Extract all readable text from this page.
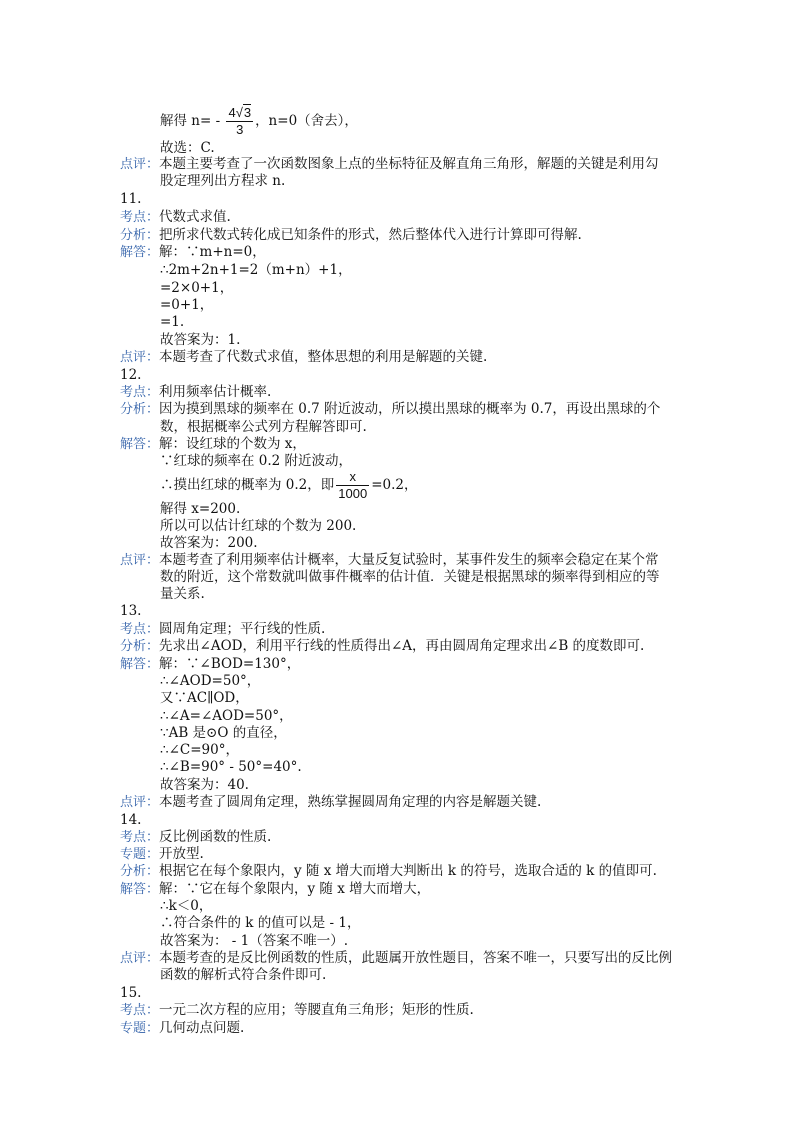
解得 $n= - \frac{4√3}{3}$ ，n=0（舍去），
故选：C.
点评：本题主要考查了一次函数图象上点的坐标特征及解直角三角形，解题的关键是利用勾
股定理列出方程求 n.
11.
考点：代数式求值.
分析：把所求代数式转化成已知条件的形式，然后整体代入进行计算即可得解.
解答：解：∵m+n=0，
∴2m+2n+1=2（m+n）+1，
=2×0+1，
=0+1，
=1.
故答案为：1.
点评：本题考查了代数式求值，整体思想的利用是解题的关键.
12.
考点：利用频率估计概率.
分析：因为摸到黑球的频率在 0.7 附近波动，所以摸出黑球的概率为 0.7，再设出黑球的个
数，根据概率公式列方程解答即可.
解答：解：设红球的个数为 x，
∵红球的频率在 0.2 附近波动，
∴摸出红球的概率为 0.2，即 $\frac{x}{1000} =0.2$，
解得 x=200.
所以可以估计红球的个数为 200.
故答案为：200.
点评：本题考查了利用频率估计概率，大量反复试验时，某事件发生的频率会稳定在某个常
数的附近，这个常数就叫做事件概率的估计值．关键是根据黑球的频率得到相应的等
量关系.
13.
考点：圆周角定理；平行线的性质.
分析：先求出∠AOD，利用平行线的性质得出∠A，再由圆周角定理求出∠B 的度数即可.
解答：解：∵∠BOD=130°，
∴∠AOD=50°，
又∵AC∥OD，
∴∠A=∠AOD=50°，
∵AB 是⊙O 的直径，
∴∠C=90°，
∴∠B=90° - 50°=40°.
故答案为：40.
点评：本题考查了圆周角定理，熟练掌握圆周角定理的内容是解题关键.
14.
考点：反比例函数的性质.
专题：开放型.
分析：根据它在每个象限内，y 随 x 增大而增大判断出 k 的符号，选取合适的 k 的值即可.
解答：解：∵它在每个象限内，y 随 x 增大而增大，
∴k＜0，
∴符合条件的 k 的值可以是 - 1，
故答案为： - 1（答案不唯一）.
点评：本题考查的是反比例函数的性质，此题属开放性题目，答案不唯一，只要写出的反比例
函数的解析式符合条件即可.
15.
考点：一元二次方程的应用；等腰直角三角形；矩形的性质.
专题：几何动点问题.
